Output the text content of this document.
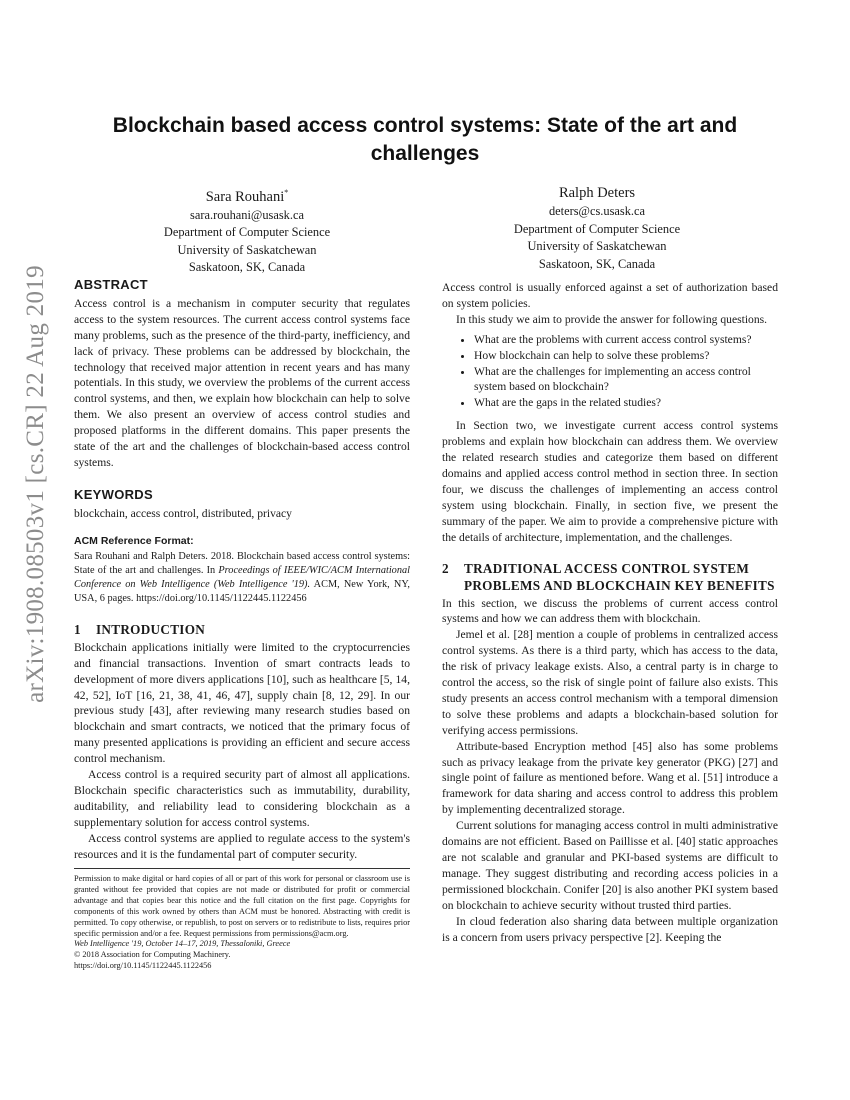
arXiv:1908.08503v1 [cs.CR] 22 Aug 2019
Blockchain based access control systems: State of the art and challenges
Sara Rouhani*
sara.rouhani@usask.ca
Department of Computer Science
University of Saskatchewan
Saskatoon, SK, Canada
Ralph Deters
deters@cs.usask.ca
Department of Computer Science
University of Saskatchewan
Saskatoon, SK, Canada
ABSTRACT

Access control is a mechanism in computer security that regulates access to the system resources. The current access control systems face many problems, such as the presence of the third-party, inefficiency, and lack of privacy. These problems can be addressed by blockchain, the technology that received major attention in recent years and has many potentials. In this study, we overview the problems of the current access control systems, and then, we explain how blockchain can help to solve them. We also present an overview of access control studies and proposed platforms in the different domains. This paper presents the state of the art and the challenges of blockchain-based access control systems.

KEYWORDS

blockchain, access control, distributed, privacy

ACM Reference Format:

Sara Rouhani and Ralph Deters. 2018. Blockchain based access control systems: State of the art and challenges. In Proceedings of IEEE/WIC/ACM International Conference on Web Intelligence (Web Intelligence '19). ACM, New York, NY, USA, 6 pages. https://doi.org/10.1145/1122445.1122456

1	INTRODUCTION

Blockchain applications initially were limited to the cryptocurrencies and financial transactions. Invention of smart contracts leads to development of more divers applications [10], such as healthcare [5, 14, 42, 52], IoT [16, 21, 38, 41, 46, 47], supply chain [8, 12, 29]. In our previous study [43], after reviewing many research studies based on blockchain and smart contracts, we noticed that the primary focus of many presented applications is providing an efficient and secure access control mechanism.

Access control is a required security part of almost all applications. Blockchain specific characteristics such as immutability, durability, auditability, and reliability lead to considering blockchain as a supplementary solution for access control systems.

Access control systems are applied to regulate access to the system's resources and it is the fundamental part of computer security.

Permission to make digital or hard copies of all or part of this work for personal or classroom use is granted without fee provided that copies are not made or distributed for profit or commercial advantage and that copies bear this notice and the full citation on the first page. Copyrights for components of this work owned by others than ACM must be honored. Abstracting with credit is permitted. To copy otherwise, or republish, to post on servers or to redistribute to lists, requires prior specific permission and/or a fee. Request permissions from permissions@acm.org.

Web Intelligence '19, October 14–17, 2019, Thessaloniki, Greece
© 2018 Association for Computing Machinery.
https://doi.org/10.1145/1122445.1122456

Access control is usually enforced against a set of authorization based on system policies.

In this study we aim to provide the answer for following questions.

• What are the problems with current access control systems?
• How blockchain can help to solve these problems?
• What are the challenges for implementing an access control system based on blockchain?
• What are the gaps in the related studies?

In Section two, we investigate current access control systems problems and explain how blockchain can address them. We overview the related research studies and categorize them based on different domains and applied access control method in section three. In section four, we discuss the challenges of implementing an access control system using blockchain. Finally, in section five, we present the summary of the paper. We aim to provide a comprehensive picture with the details of architecture, implementation, and the challenges.

2	TRADITIONAL ACCESS CONTROL SYSTEM PROBLEMS AND BLOCKCHAIN KEY BENEFITS

In this section, we discuss the problems of current access control systems and how we can address them with blockchain.

Jemel et al. [28] mention a couple of problems in centralized access control systems. As there is a third party, which has access to the data, the risk of privacy leakage exists. Also, a central party is in charge to control the access, so the risk of single point of failure also exists. This study presents an access control mechanism with a temporal dimension to solve these problems and adapts a blockchain-based solution for verifying access permissions.

Attribute-based Encryption method [45] also has some problems such as privacy leakage from the private key generator (PKG) [27] and single point of failure as mentioned before. Wang et al. [51] introduce a framework for data sharing and access control to address this problem by implementing decentralized storage.

Current solutions for managing access control in multi administrative domains are not efficient. Based on Paillisse et al. [40] static approaches are not scalable and granular and PKI-based systems are difficult to manage. They suggest distributing and recording access policies in a permissioned blockchain. Conifer [20] is also another PKI system based on blockchain to achieve security without trusted third parties.

In cloud federation also sharing data between multiple organization is a concern from users privacy perspective [2]. Keeping the
